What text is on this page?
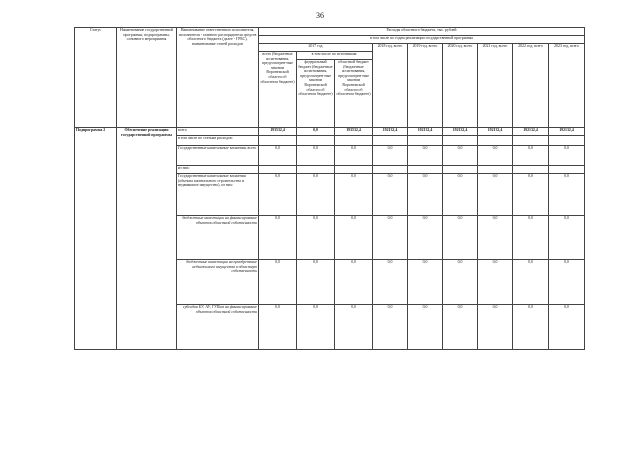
36
Статус	Наименование государственной программы, подпрограммы, основного мероприятия	Наименование ответственного исполнителя, исполнителя - главного распорядителя средств областного бюджета (далее - ГРБС), наименование статей расходов	Расходы областного бюджета, тыс. рублей								
			в том числе по годам реализации государственной программы								
			2017 год			2018 год, всего	2019 год, всего	2020 год, всего	2021 год, всего	2022 год, всего	2023 год, всего
			всего (бюджетные ассигнования, предусмотрен-ные законом Воронежской области об областном бюджете)	в том числе по источникам:							
				федеральный бюджет (бюджетные ассигнования, предусмотрен-ные законом Воронежской области об областном бюджете)	областной бюджет (бюджетные ассигнования, предусмотрен-ные законом Воронежской области об областном бюджете)						
Подпрограмма 2	Обеспечение реализации государственной программы	всего	193532,4	0,0	193532,4	192132,4	192132,4	192132,4	192132,4	192132,4	192132,4
		в том числе по статьям расходов:									
		Государственные капитальные вложения, всего	0,0	0,0	0,0	0,0	0,0	0,0	0,0	0,0	0,0
		из них:									
		Государственные капитальные вложения (объекты капитального строительства и недвижимое имущество), из них:	0,0	0,0	0,0	0,0	0,0	0,0	0,0	0,0	0,0
		бюджетные инвестиции на финансирование объектов областной собственности	0,0	0,0	0,0	0,0	0,0	0,0	0,0	0,0	0,0
		бюджетные инвестиции на приобретение недвижимого имущества в областную собственность	0,0	0,0	0,0	0,0	0,0	0,0	0,0	0,0	0,0
		субсидии БУ, АУ, ГУПам на финансирование объектов областной собственности	0,0	0,0	0,0	0,0	0,0	0,0	0,0	0,0	0,0
